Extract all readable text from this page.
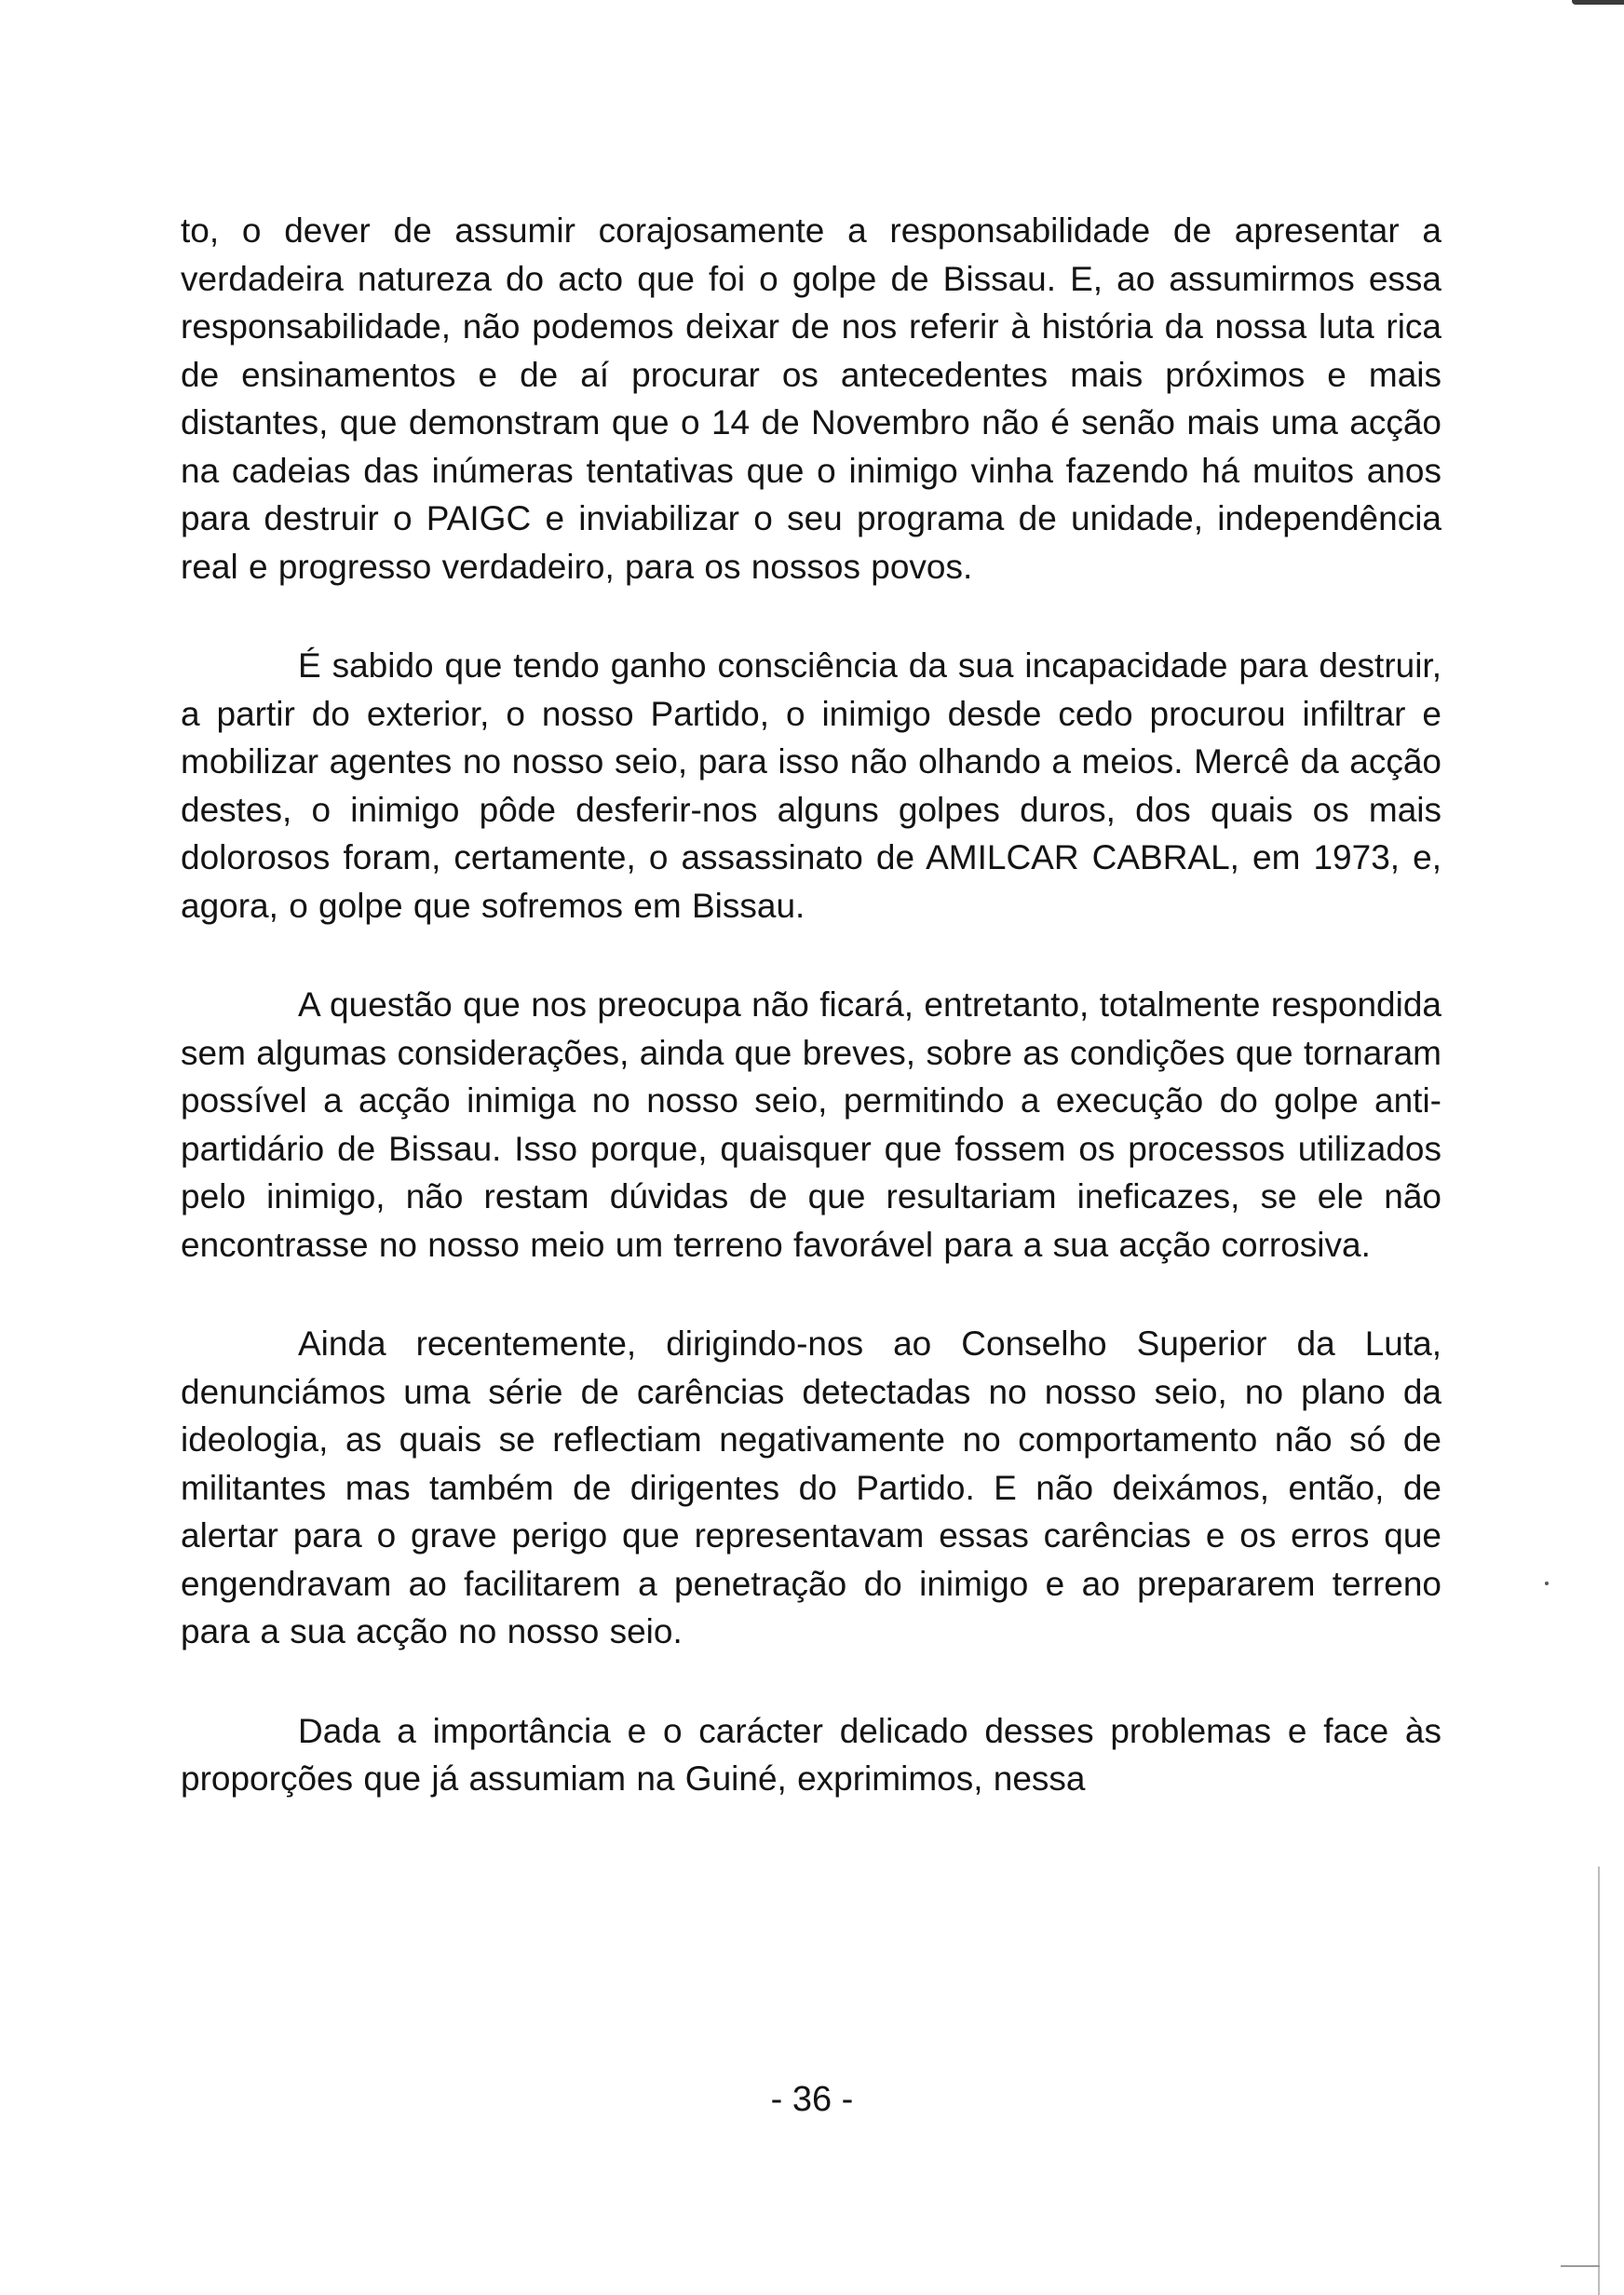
to, o dever de assumir corajosamente a responsabilidade de apresentar a verdadeira natureza do acto que foi o golpe de Bissau. E, ao assumirmos essa responsabilidade, não podemos deixar de nos referir à história da nossa luta rica de ensinamentos e de aí procurar os antecedentes mais próximos e mais distantes, que demonstram que o 14 de Novembro não é senão mais uma acção na cadeias das inúmeras tentativas que o inimigo vinha fazendo há muitos anos para destruir o PAIGC e inviabilizar o seu programa de unidade, independência real e progresso verdadeiro, para os nossos povos.

É sabido que tendo ganho consciência da sua incapacidade para destruir, a partir do exterior, o nosso Partido, o inimigo desde cedo procurou infiltrar e mobilizar agentes no nosso seio, para isso não olhando a meios. Mercê da acção destes, o inimigo pôde desferir-nos alguns golpes duros, dos quais os mais dolorosos foram, certamente, o assassinato de AMILCAR CABRAL, em 1973, e, agora, o golpe que sofremos em Bissau.

A questão que nos preocupa não ficará, entretanto, totalmente respondida sem algumas considerações, ainda que breves, sobre as condições que tornaram possível a acção inimiga no nosso seio, permitindo a execução do golpe anti-partidário de Bissau. Isso porque, quaisquer que fossem os processos utilizados pelo inimigo, não restam dúvidas de que resultariam ineficazes, se ele não encontrasse no nosso meio um terreno favorável para a sua acção corrosiva.

Ainda recentemente, dirigindo-nos ao Conselho Superior da Luta, denunciámos uma série de carências detectadas no nosso seio, no plano da ideologia, as quais se reflectiam negativamente no comportamento não só de militantes mas também de dirigentes do Partido. E não deixámos, então, de alertar para o grave perigo que representavam essas carências e os erros que engendravam ao facilitarem a penetração do inimigo e ao prepararem terreno para a sua acção no nosso seio.

Dada a importância e o carácter delicado desses problemas e face às proporções que já assumiam na Guiné, exprimimos, nessa

- 36 -
